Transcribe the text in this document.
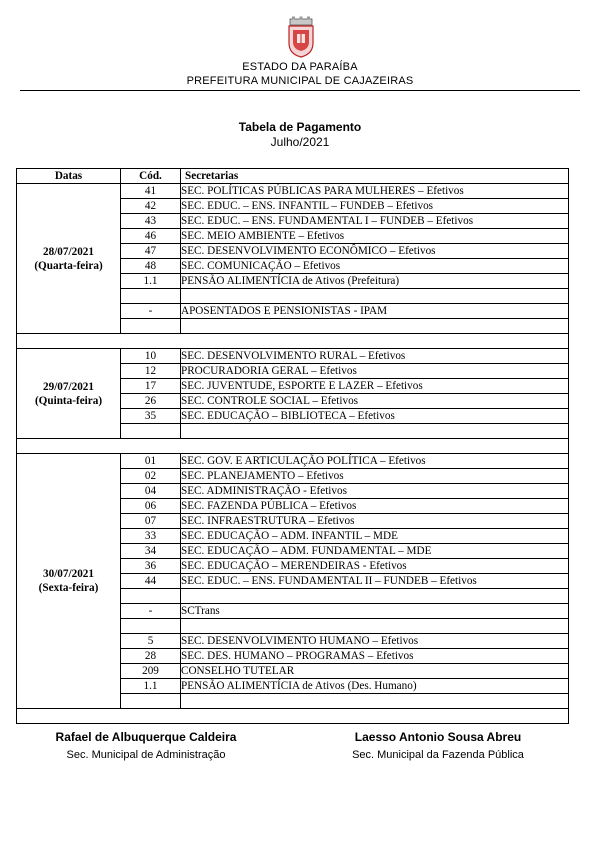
ESTADO DA PARAÍBA
PREFEITURA MUNICIPAL DE CAJAZEIRAS
Tabela de Pagamento
Julho/2021
Datas	Cód.	Secretarias

28/07/2021
(Quarta-feira)	41	SEC. POLÍTICAS PÚBLICAS PARA MULHERES – Efetivos
	42	SEC. EDUC. – ENS. INFANTIL – FUNDEB – Efetivos
	43	SEC. EDUC. – ENS. FUNDAMENTAL I – FUNDEB – Efetivos
	46	SEC. MEIO AMBIENTE – Efetivos
	47	SEC. DESENVOLVIMENTO ECONÔMICO – Efetivos
	48	SEC. COMUNICAÇÃO – Efetivos
	1.1	PENSÃO ALIMENTÍCIA de Ativos (Prefeitura)

	-	APOSENTADOS E PENSIONISTAS - IPAM

29/07/2021
(Quinta-feira)	10	SEC. DESENVOLVIMENTO RURAL – Efetivos
	12	PROCURADORIA GERAL – Efetivos
	17	SEC. JUVENTUDE, ESPORTE E LAZER – Efetivos
	26	SEC. CONTROLE SOCIAL – Efetivos
	35	SEC. EDUCAÇÃO – BIBLIOTECA – Efetivos

30/07/2021
(Sexta-feira)	01	SEC. GOV. E ARTICULAÇÃO POLÍTICA – Efetivos
	02	SEC. PLANEJAMENTO – Efetivos
	04	SEC. ADMINISTRAÇÃO - Efetivos
	06	SEC. FAZENDA PÚBLICA – Efetivos
	07	SEC. INFRAESTRUTURA – Efetivos
	33	SEC. EDUCAÇÃO – ADM. INFANTIL – MDE
	34	SEC. EDUCAÇÃO – ADM. FUNDAMENTAL – MDE
	36	SEC. EDUCAÇÃO – MERENDEIRAS - Efetivos
	44	SEC. EDUC. – ENS. FUNDAMENTAL II – FUNDEB – Efetivos

	-	SCTrans

	5	SEC. DESENVOLVIMENTO HUMANO – Efetivos
	28	SEC. DES. HUMANO – PROGRAMAS – Efetivos
	209	CONSELHO TUTELAR
	1.1	PENSÃO ALIMENTÍCIA de Ativos (Des. Humano)

Rafael de Albuquerque Caldeira
Sec. Municipal de Administração
Laesso Antonio Sousa Abreu
Sec. Municipal da Fazenda Pública
